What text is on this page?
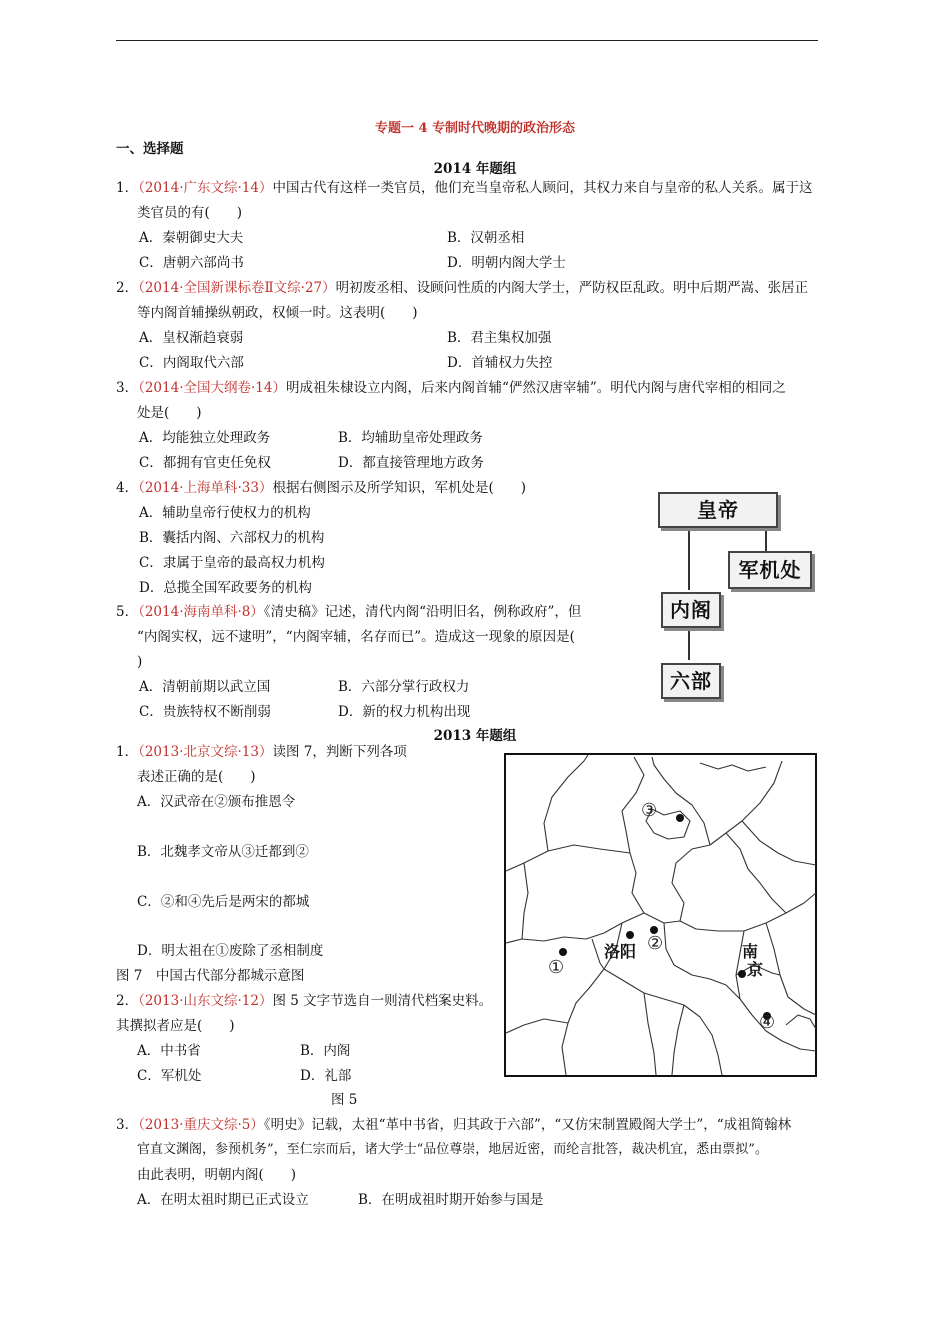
专题一 4 专制时代晚期的政治形态
一、选择题
2014 年题组
1．（2014·广东文综·14）中国古代有这样一类官员，他们充当皇帝私人顾问，其权力来自与皇帝的私人关系。属于这
类官员的有(　　)
A．秦朝御史大夫	B．汉朝丞相
C．唐朝六部尚书	D．明朝内阁大学士
2．（2014·全国新课标卷Ⅱ文综·27）明初废丞相、设顾问性质的内阁大学士，严防权臣乱政。明中后期严嵩、张居正
等内阁首辅操纵朝政，权倾一时。这表明(　　)
A．皇权渐趋衰弱	B．君主集权加强
C．内阁取代六部	D．首辅权力失控
3．（2014·全国大纲卷·14）明成祖朱棣设立内阁，后来内阁首辅“俨然汉唐宰辅”。明代内阁与唐代宰相的相同之
处是(　　)
A．均能独立处理政务	B．均辅助皇帝处理政务
C．都拥有官吏任免权	D．都直接管理地方政务
4．（2014·上海单科·33）根据右侧图示及所学知识，军机处是(　　)
A．辅助皇帝行使权力的机构
B．囊括内阁、六部权力的机构
C．隶属于皇帝的最高权力机构
D．总揽全国军政要务的机构
5．（2014·海南单科·8）《清史稿》记述，清代内阁“沿明旧名，例称政府”，但
“内阁实权，远不逮明”，“内阁宰辅，名存而已”。造成这一现象的原因是(
)
A．清朝前期以武立国	B．六部分掌行政权力
C．贵族特权不断削弱	D．新的权力机构出现
皇帝
军机处
内阁
六部
2013 年题组
1．（2013·北京文综·13）读图 7，判断下列各项
表述正确的是(　　)
A．汉武帝在②颁布推恩令
B．北魏孝文帝从③迁都到②
C．②和④先后是两宋的都城
D．明太祖在①废除了丞相制度
图 7　中国古代部分都城示意图
2．（2013·山东文综·12）图 5 文字节选自一则清代档案史料。
其撰拟者应是(　　)
A．中书省	B．内阁
C．军机处	D．礼部
图 5
③
①
②
④
洛阳	南
京
3．（2013·重庆文综·5）《明史》记载，太祖“革中书省，归其政于六部”，“又仿宋制置殿阁大学士”，“成祖简翰林
官直文渊阁，参预机务”，至仁宗而后，诸大学士“品位尊崇，地居近密，而纶言批答，裁决机宜，悉由票拟”。
由此表明，明朝内阁(　　)
A．在明太祖时期已正式设立	B．在明成祖时期开始参与国是
